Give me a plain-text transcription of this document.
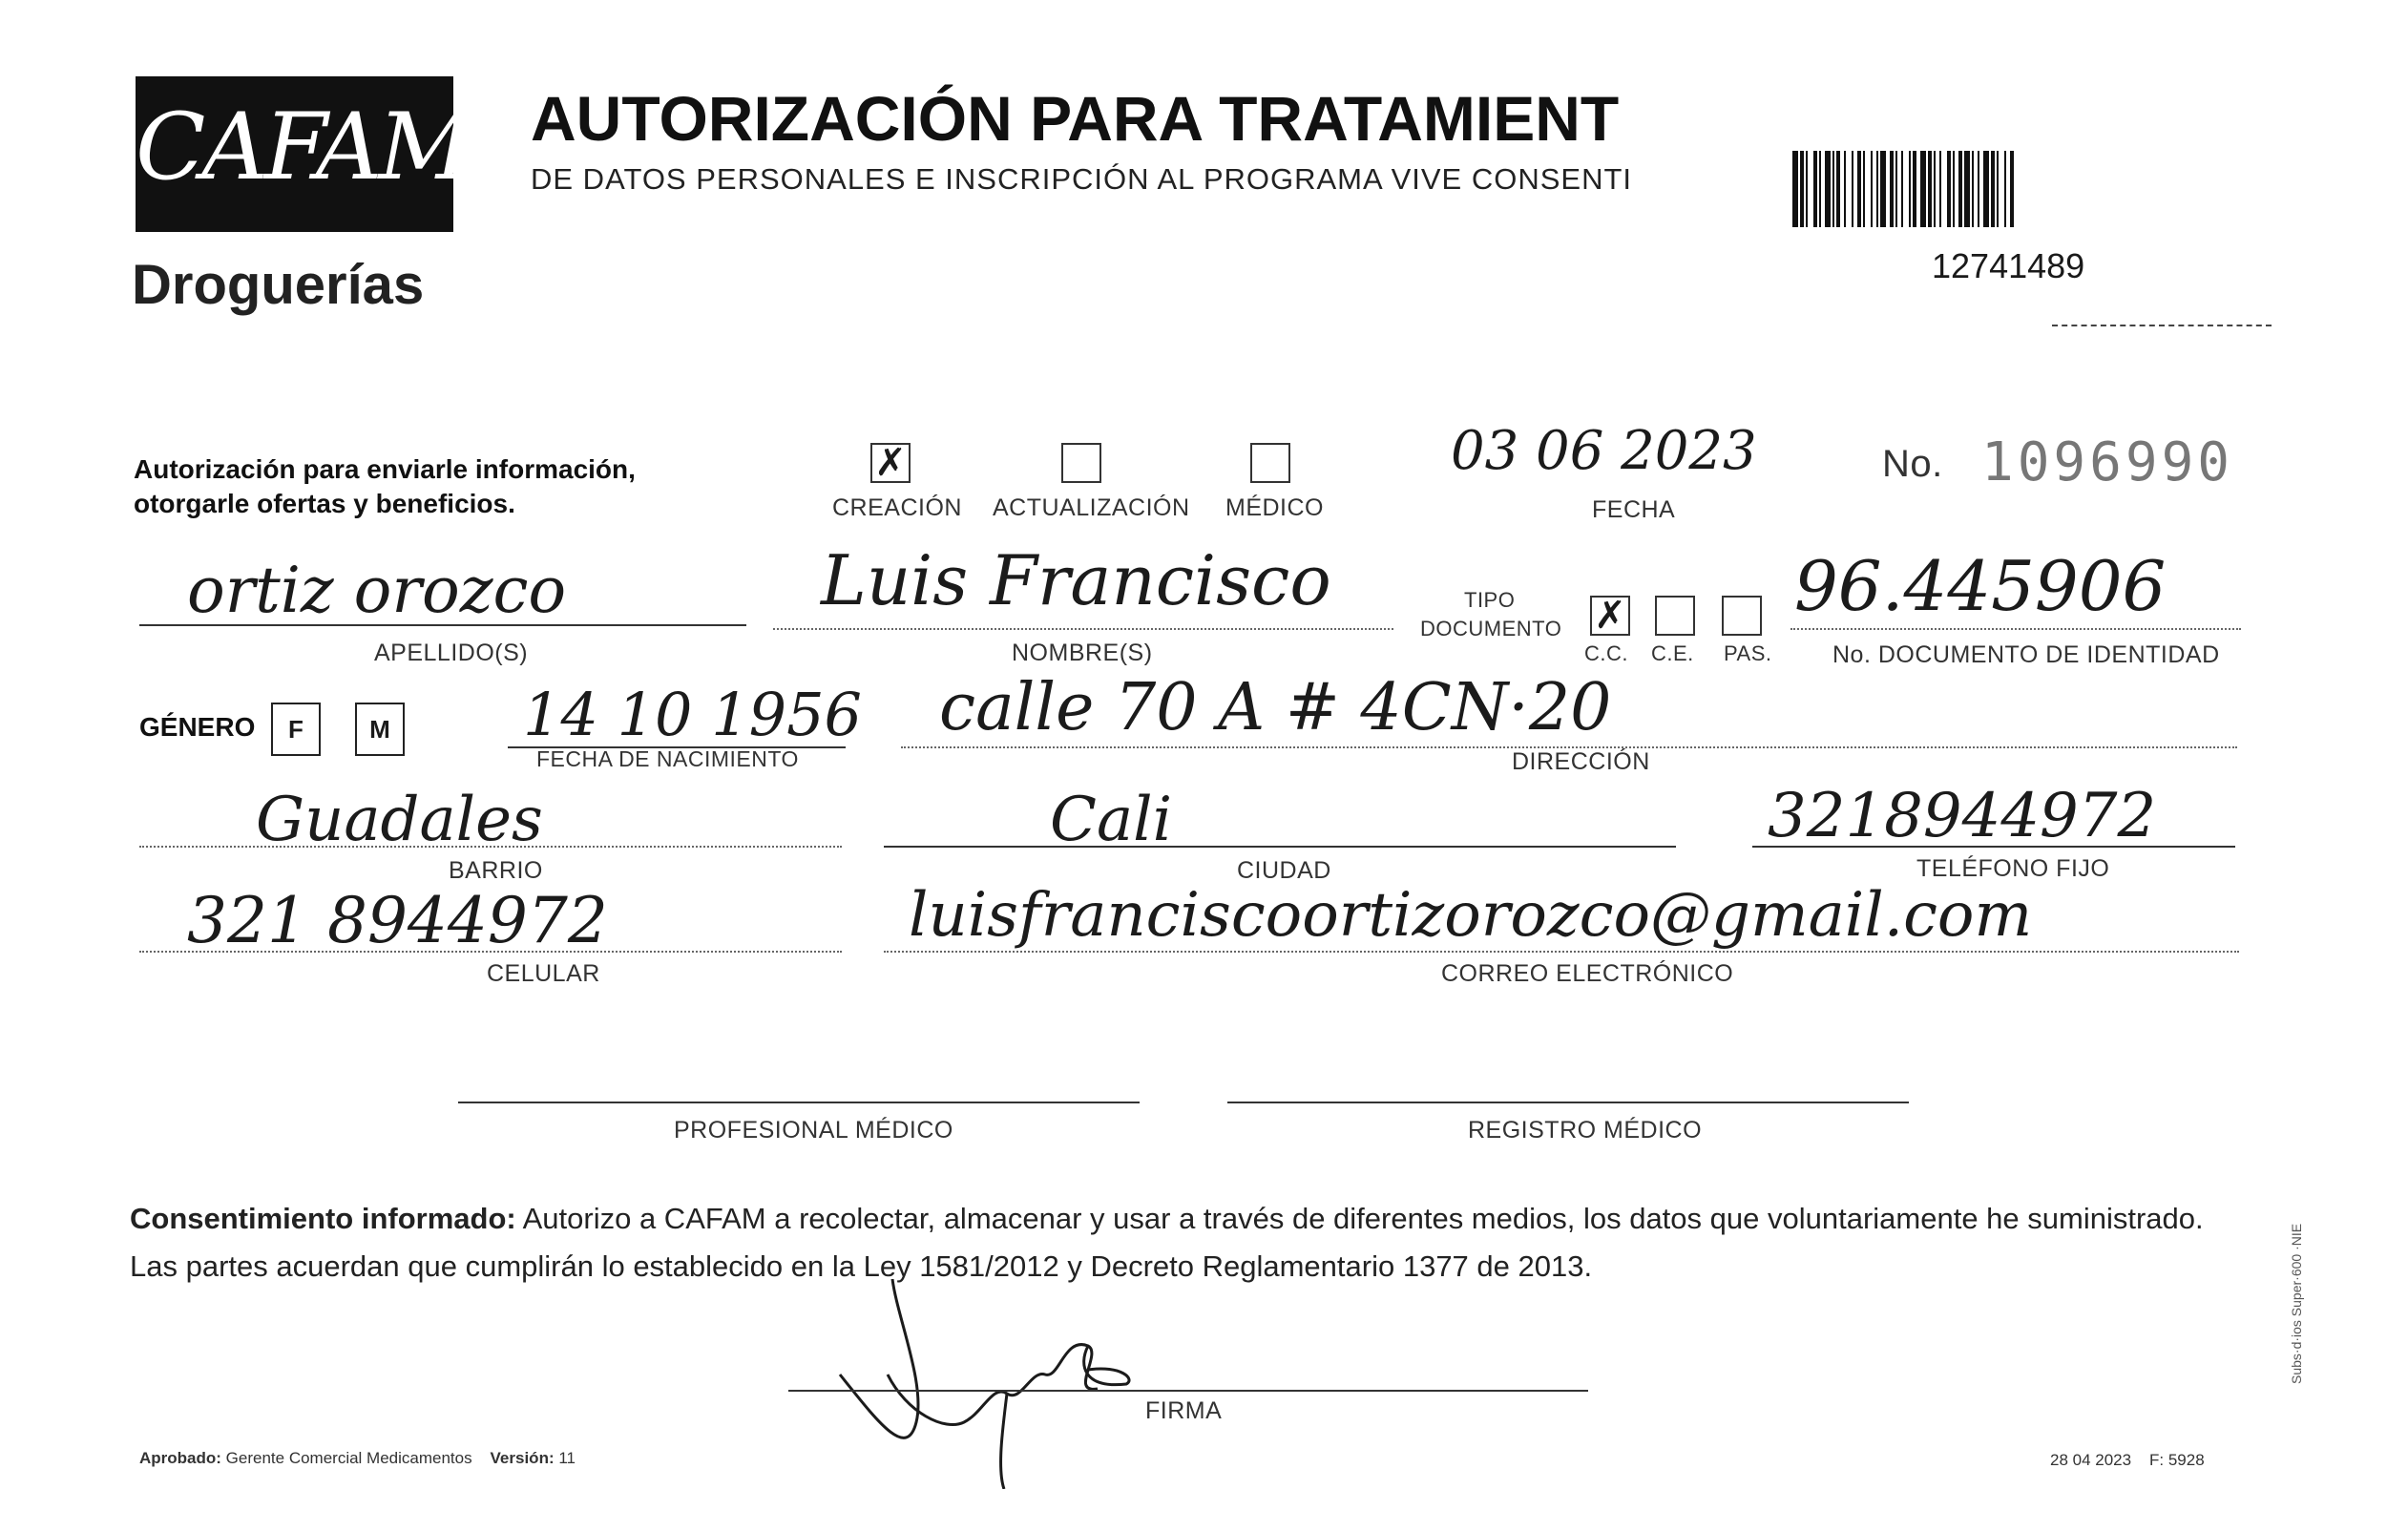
CAFAM
Droguerías
AUTORIZACIÓN PARA TRATAMIENT
DE DATOS PERSONALES E INSCRIPCIÓN AL PROGRAMA VIVE CONSENTI
12741489
Autorización para enviarle información,
otorgarle ofertas y beneficios.
✗
CREACIÓN ACTUALIZACIÓN MÉDICO
03 06 2023
FECHA
No. 1096990
ortiz orozco
APELLIDO(S)
Luis Francisco
NOMBRE(S)
TIPO
DOCUMENTO ✗
C.C. C.E. PAS.
96.445906
No. DOCUMENTO DE IDENTIDAD
GÉNERO	F	M 14 10 1956
FECHA DE NACIMIENTO
calle 70 A # 4CN·20
DIRECCIÓN
Guadales
BARRIO
Cali
CIUDAD
3218944972
TELÉFONO FIJO
321 8944972
CELULAR
luisfranciscoortizorozco@gmail.com
CORREO ELECTRÓNICO
PROFESIONAL MÉDICO	REGISTRO MÉDICO
Consentimiento informado: Autorizo a CAFAM a recolectar, almacenar y usar a través de diferentes medios, los datos que voluntariamente he suministrado.
Las partes acuerdan que cumplirán lo establecido en la Ley 1581/2012 y Decreto Reglamentario 1377 de 2013.
FIRMA
Aprobado: Gerente Comercial Medicamentos Versión: 11	28 04 2023 F: 5928
Subs·d·ios Super·600 ·NIE
